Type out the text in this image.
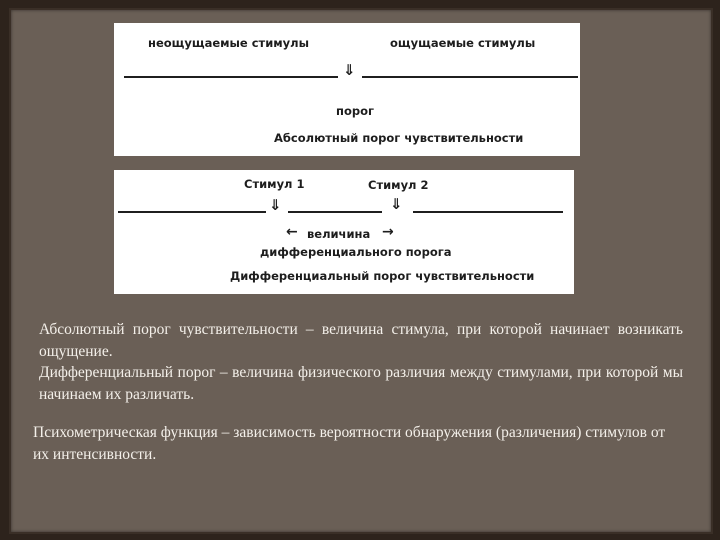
неощущаемые стимулы	ощущаемые стимулы
⇓
порог
Абсолютный порог чувствительности
Стимул 1	Стимул 2
⇓	⇓
← величина →
дифференциального порога
Дифференциальный порог чувствительности

Абсолютный порог чувствительности – величина стимула, при которой начинает возникать ощущение.

Дифференциальный порог – величина физического различия между стимулами, при которой мы начинаем их различать.

Психометрическая функция – зависимость вероятности обнаружения (различения) стимулов от их интенсивности.
